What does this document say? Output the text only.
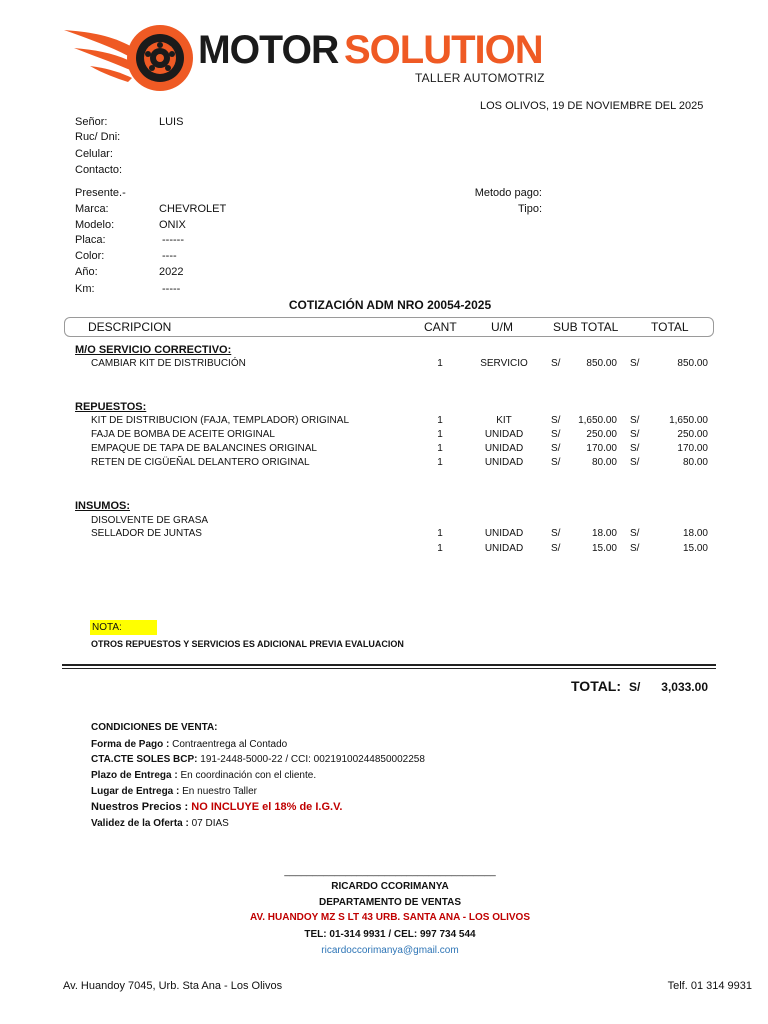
MOTOR SOLUTION
TALLER AUTOMOTRIZ
LOS OLIVOS, 19 DE NOVIEMBRE DEL 2025
Señor:	LUIS
Ruc/ Dni:
Celular:
Contacto:
Presente.-
Marca:	CHEVROLET
Modelo:	ONIX
Placa:	------
Color:	----
Año:	2022
Km:	-----
Metodo pago:
Tipo:
COTIZACIÓN ADM NRO 20054-2025
DESCRIPCION	CANT	U/M	SUB TOTAL	TOTAL
M/O SERVICIO CORRECTIVO:
CAMBIAR KIT DE DISTRIBUCIÓN	1	SERVICIO	S/	850.00 S/	850.00
REPUESTOS:
KIT DE DISTRIBUCION (FAJA, TEMPLADOR) ORIGINAL	1	KIT	S/	1,650.00 S/	1,650.00
FAJA DE BOMBA DE ACEITE ORIGINAL	1	UNIDAD	S/	250.00 S/	250.00
EMPAQUE DE TAPA DE BALANCINES ORIGINAL	1	UNIDAD	S/	170.00 S/	170.00
RETEN DE CIGÜEÑAL DELANTERO ORIGINAL	1	UNIDAD	S/	80.00 S/	80.00
INSUMOS:
DISOLVENTE DE GRASA
SELLADOR DE JUNTAS	1	UNIDAD	S/	18.00 S/	18.00
1	UNIDAD	S/	15.00 S/	15.00
NOTA:
OTROS REPUESTOS Y SERVICIOS ES ADICIONAL PREVIA EVALUACION
TOTAL: S/	3,033.00
CONDICIONES DE VENTA:
Forma de Pago : Contraentrega al Contado
CTA.CTE SOLES BCP: 191-2448-5000-22 / CCI: 00219100244850002258
Plazo de Entrega : En coordinación con el cliente.
Lugar de Entrega : En nuestro Taller
Nuestros Precios : NO INCLUYE el 18% de I.G.V.
Validez de la Oferta : 07 DIAS
______________________________________
RICARDO CCORIMANYA
DEPARTAMENTO DE VENTAS
AV. HUANDOY MZ S LT 43 URB. SANTA ANA - LOS OLIVOS
TEL: 01-314 9931 / CEL: 997 734 544
ricardoccorimanya@gmail.com
Av. Huandoy 7045, Urb. Sta Ana - Los Olivos	Telf. 01 314 9931
